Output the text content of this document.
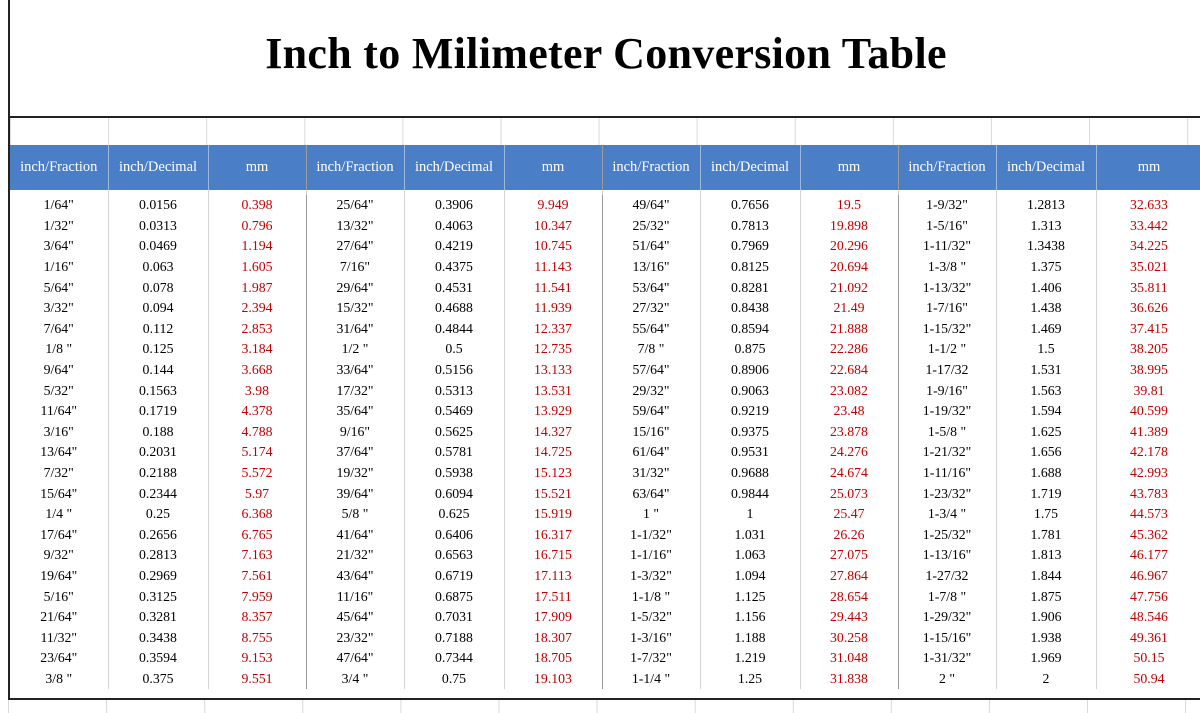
Inch to Milimeter Conversion Table
inch/Fraction	inch/Decimal	mm	inch/Fraction	inch/Decimal	mm	inch/Fraction	inch/Decimal	mm	inch/Fraction	inch/Decimal	mm

1/64"	0.0156	0.398	25/64"	0.3906	9.949	49/64"	0.7656	19.5	1-9/32"	1.2813	32.633
1/32"	0.0313	0.796	13/32"	0.4063	10.347	25/32"	0.7813	19.898	1-5/16"	1.313	33.442
3/64"	0.0469	1.194	27/64"	0.4219	10.745	51/64"	0.7969	20.296	1-11/32"	1.3438	34.225
1/16"	0.063	1.605	7/16"	0.4375	11.143	13/16"	0.8125	20.694	1-3/8 "	1.375	35.021
5/64"	0.078	1.987	29/64"	0.4531	11.541	53/64"	0.8281	21.092	1-13/32"	1.406	35.811
3/32"	0.094	2.394	15/32"	0.4688	11.939	27/32"	0.8438	21.49	1-7/16"	1.438	36.626
7/64"	0.112	2.853	31/64"	0.4844	12.337	55/64"	0.8594	21.888	1-15/32"	1.469	37.415
1/8 "	0.125	3.184	1/2 "	0.5	12.735	7/8 "	0.875	22.286	1-1/2 "	1.5	38.205
9/64"	0.144	3.668	33/64"	0.5156	13.133	57/64"	0.8906	22.684	1-17/32	1.531	38.995
5/32"	0.1563	3.98	17/32"	0.5313	13.531	29/32"	0.9063	23.082	1-9/16"	1.563	39.81
11/64"	0.1719	4.378	35/64"	0.5469	13.929	59/64"	0.9219	23.48	1-19/32"	1.594	40.599
3/16"	0.188	4.788	9/16"	0.5625	14.327	15/16"	0.9375	23.878	1-5/8 "	1.625	41.389
13/64"	0.2031	5.174	37/64"	0.5781	14.725	61/64"	0.9531	24.276	1-21/32"	1.656	42.178
7/32"	0.2188	5.572	19/32"	0.5938	15.123	31/32"	0.9688	24.674	1-11/16"	1.688	42.993
15/64"	0.2344	5.97	39/64"	0.6094	15.521	63/64"	0.9844	25.073	1-23/32"	1.719	43.783
1/4 "	0.25	6.368	5/8 "	0.625	15.919	1 "	1	25.47	1-3/4 "	1.75	44.573
17/64"	0.2656	6.765	41/64"	0.6406	16.317	1-1/32"	1.031	26.26	1-25/32"	1.781	45.362
9/32"	0.2813	7.163	21/32"	0.6563	16.715	1-1/16"	1.063	27.075	1-13/16"	1.813	46.177
19/64"	0.2969	7.561	43/64"	0.6719	17.113	1-3/32"	1.094	27.864	1-27/32	1.844	46.967
5/16"	0.3125	7.959	11/16"	0.6875	17.511	1-1/8 "	1.125	28.654	1-7/8 "	1.875	47.756
21/64"	0.3281	8.357	45/64"	0.7031	17.909	1-5/32"	1.156	29.443	1-29/32"	1.906	48.546
11/32"	0.3438	8.755	23/32"	0.7188	18.307	1-3/16"	1.188	30.258	1-15/16"	1.938	49.361
23/64"	0.3594	9.153	47/64"	0.7344	18.705	1-7/32"	1.219	31.048	1-31/32"	1.969	50.15
3/8 "	0.375	9.551	3/4 "	0.75	19.103	1-1/4 "	1.25	31.838	2 "	2	50.94
